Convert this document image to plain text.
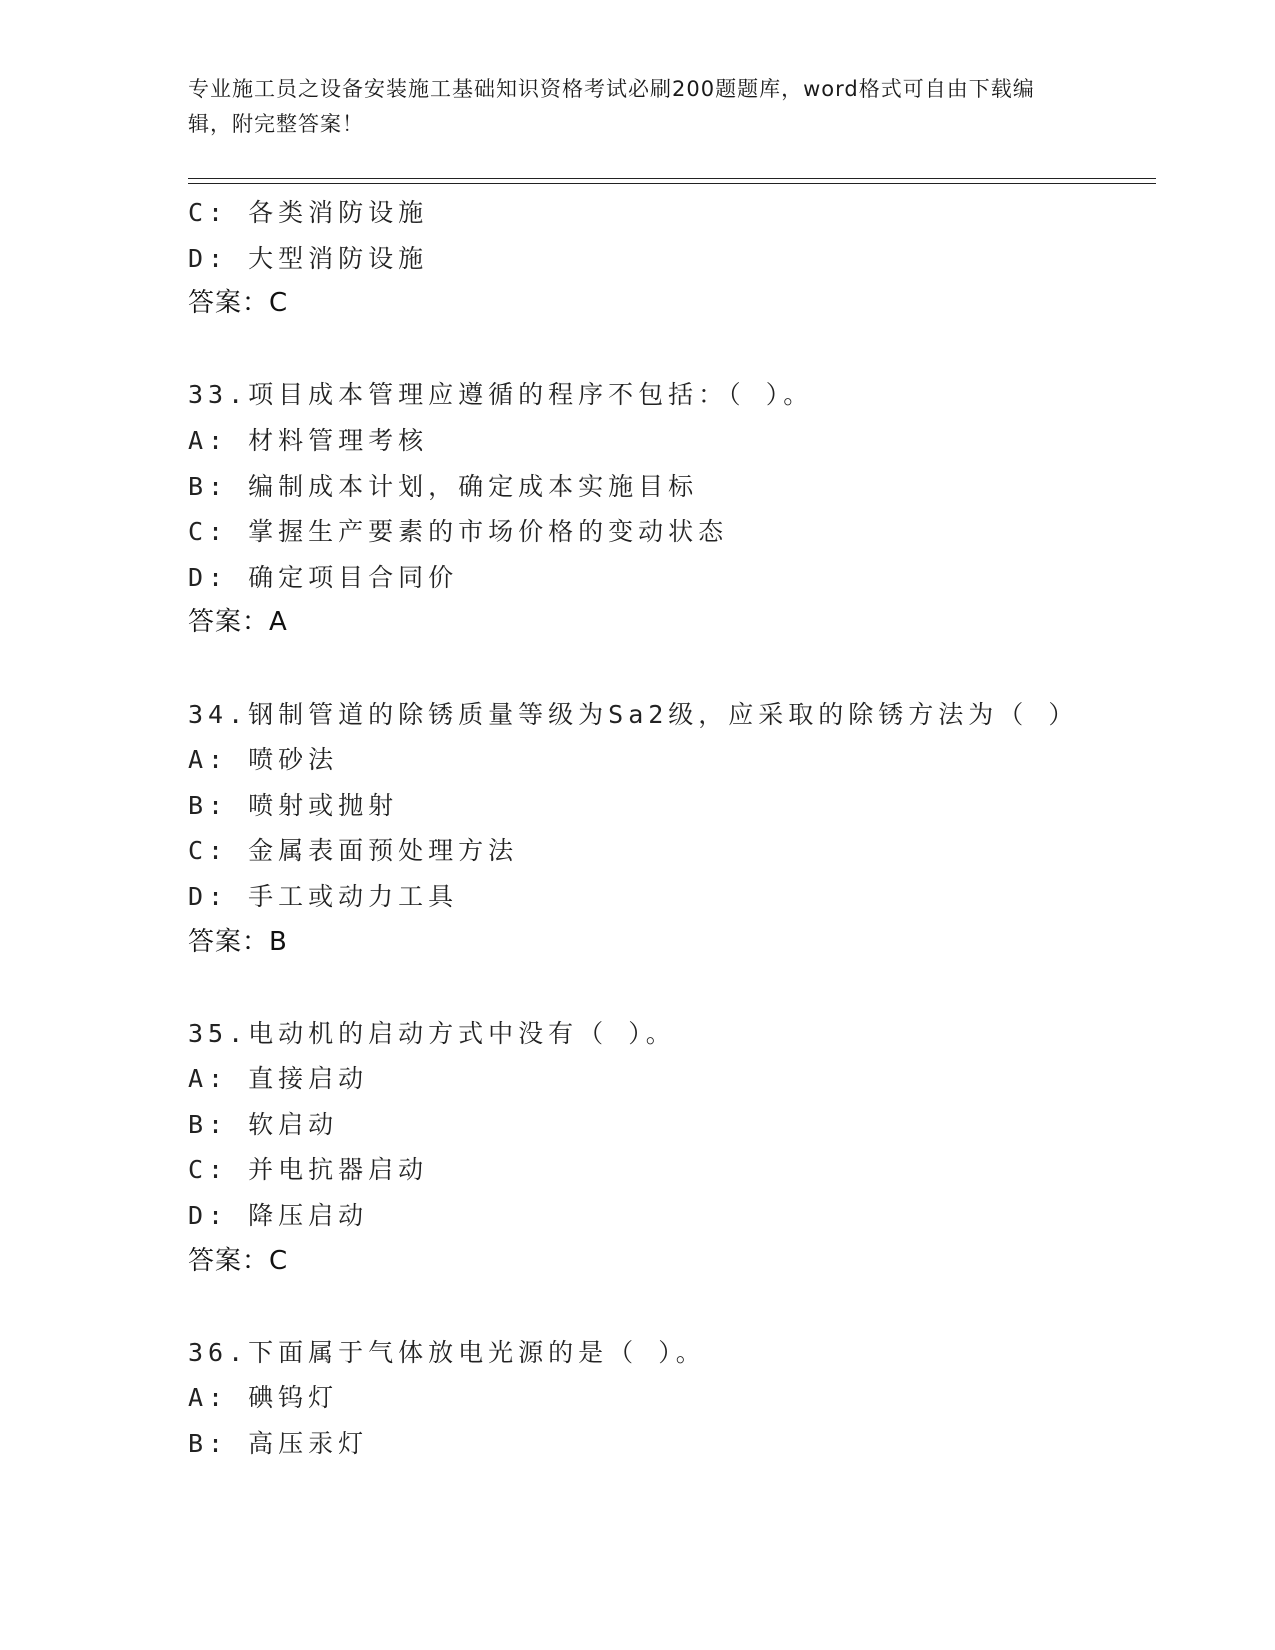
专业施工员之设备安装施工基础知识资格考试必刷200题题库，word格式可自由下载编辑，附完整答案！
C: 各类消防设施
D: 大型消防设施
答案：C
33.项目成本管理应遵循的程序不包括：（ ）。
A: 材料管理考核
B: 编制成本计划，确定成本实施目标
C: 掌握生产要素的市场价格的变动状态
D: 确定项目合同价
答案：A
34.钢制管道的除锈质量等级为Sa2级，应采取的除锈方法为（ ）
A: 喷砂法
B: 喷射或抛射
C: 金属表面预处理方法
D: 手工或动力工具
答案：B
35.电动机的启动方式中没有（ ）。
A: 直接启动
B: 软启动
C: 并电抗器启动
D: 降压启动
答案：C
36.下面属于气体放电光源的是（ ）。
A: 碘钨灯
B: 高压汞灯
